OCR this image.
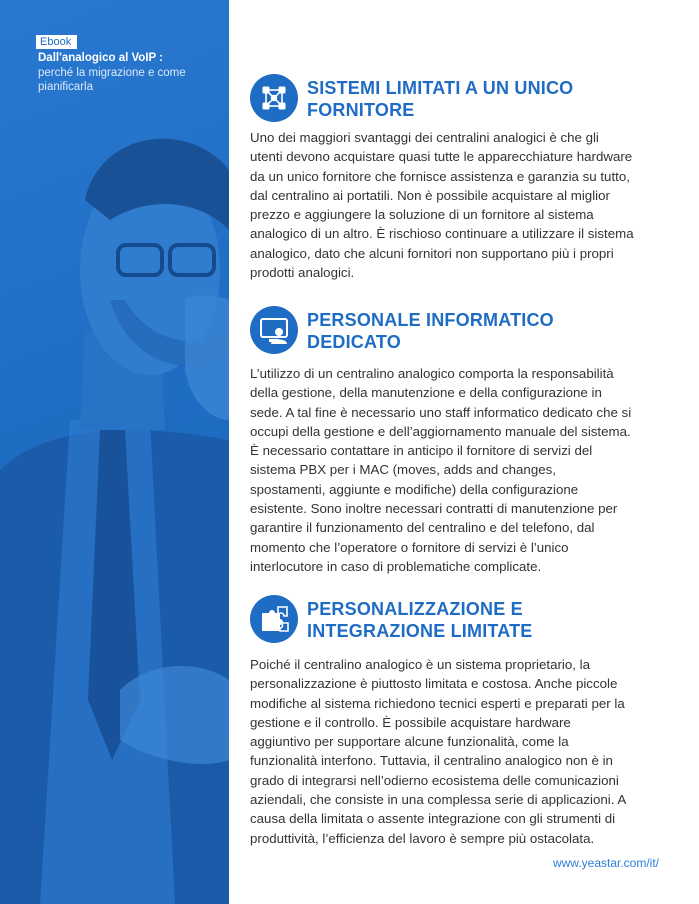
Ebook
Dall'analogico al VoIP :
perché la migrazione e come pianificarla	SISTEMI LIMITATI A UN UNICO FORNITORE
Uno dei maggiori svantaggi dei centralini analogici è che gli utenti devono acquistare quasi tutte le apparecchiature hardware da un unico fornitore che fornisce assistenza e garanzia su tutto, dal centralino ai portatili. Non è possibile acquistare al miglior prezzo e aggiungere la soluzione di un fornitore al sistema analogico di un altro. È rischioso continuare a utilizzare il sistema analogico, dato che alcuni fornitori non supportano più i propri prodotti analogici.
PERSONALE INFORMATICO DEDICATO
L’utilizzo di un centralino analogico comporta la responsabilità della gestione, della manutenzione e della configurazione in sede. A tal fine è necessario uno staff informatico dedicato che si occupi della gestione e dell’aggiornamento manuale del sistema. È necessario contattare in anticipo il fornitore di servizi del sistema PBX per i MAC (moves, adds and changes, spostamenti, aggiunte e modifiche) della configurazione esistente. Sono inoltre necessari contratti di manutenzione per garantire il funzionamento del centralino e del telefono, dal momento che l’operatore o fornitore di servizi è l’unico interlocutore in caso di problematiche complicate.
PERSONALIZZAZIONE E INTEGRAZIONE LIMITATE
Poiché il centralino analogico è un sistema proprietario, la personalizzazione è piuttosto limitata e costosa. Anche piccole modifiche al sistema richiedono tecnici esperti e preparati per la gestione e il controllo. È possibile acquistare hardware aggiuntivo per supportare alcune funzionalità, come la funzionalità interfono. Tuttavia, il centralino analogico non è in grado di integrarsi nell’odierno ecosistema delle comunicazioni aziendali, che consiste in una complessa serie di applicazioni. A causa della limitata o assente integrazione con gli strumenti di produttività, l’efficienza del lavoro è sempre più ostacolata.
www.yeastar.com/it/
